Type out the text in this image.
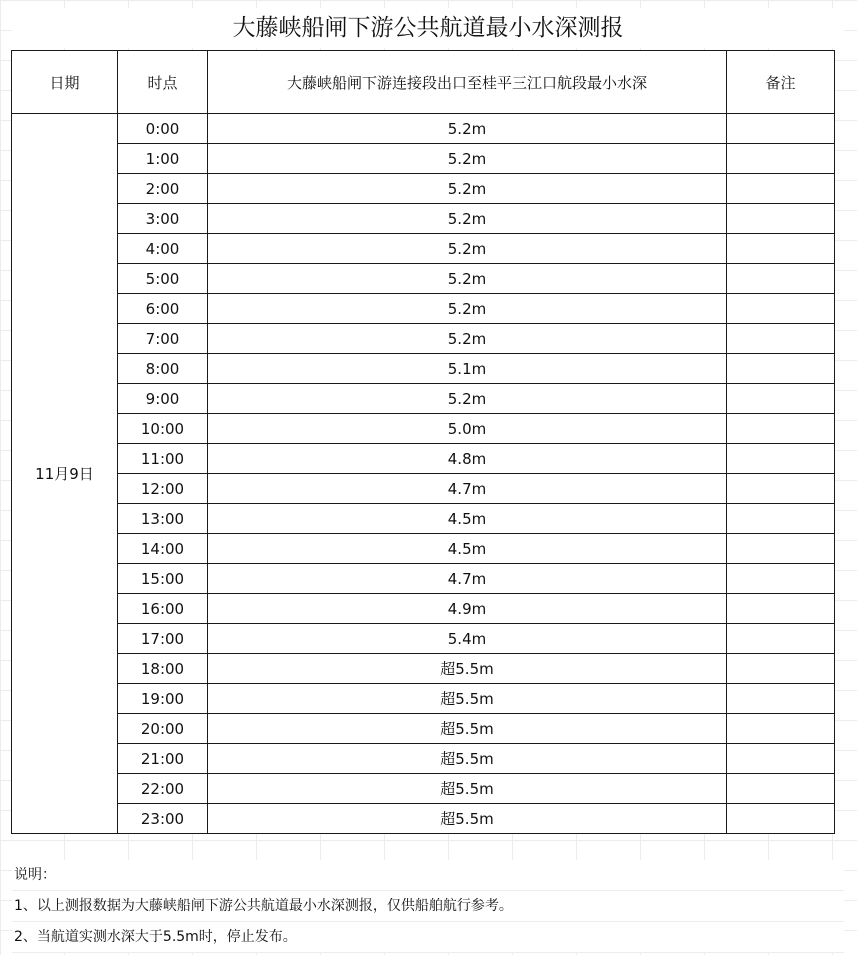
大藤峡船闸下游公共航道最小水深测报
日期	时点	大藤峡船闸下游连接段出口至桂平三江口航段最小水深	备注
11月9日	0:00	5.2m	
	1:00	5.2m	
	2:00	5.2m	
	3:00	5.2m	
	4:00	5.2m	
	5:00	5.2m	
	6:00	5.2m	
	7:00	5.2m	
	8:00	5.1m	
	9:00	5.2m	
	10:00	5.0m	
	11:00	4.8m	
	12:00	4.7m	
	13:00	4.5m	
	14:00	4.5m	
	15:00	4.7m	
	16:00	4.9m	
	17:00	5.4m	
	18:00	超5.5m	
	19:00	超5.5m	
	20:00	超5.5m	
	21:00	超5.5m	
	22:00	超5.5m	
	23:00	超5.5m	
说明：
1、以上测报数据为大藤峡船闸下游公共航道最小水深测报，仅供船舶航行参考。
2、当航道实测水深大于5.5m时，停止发布。
